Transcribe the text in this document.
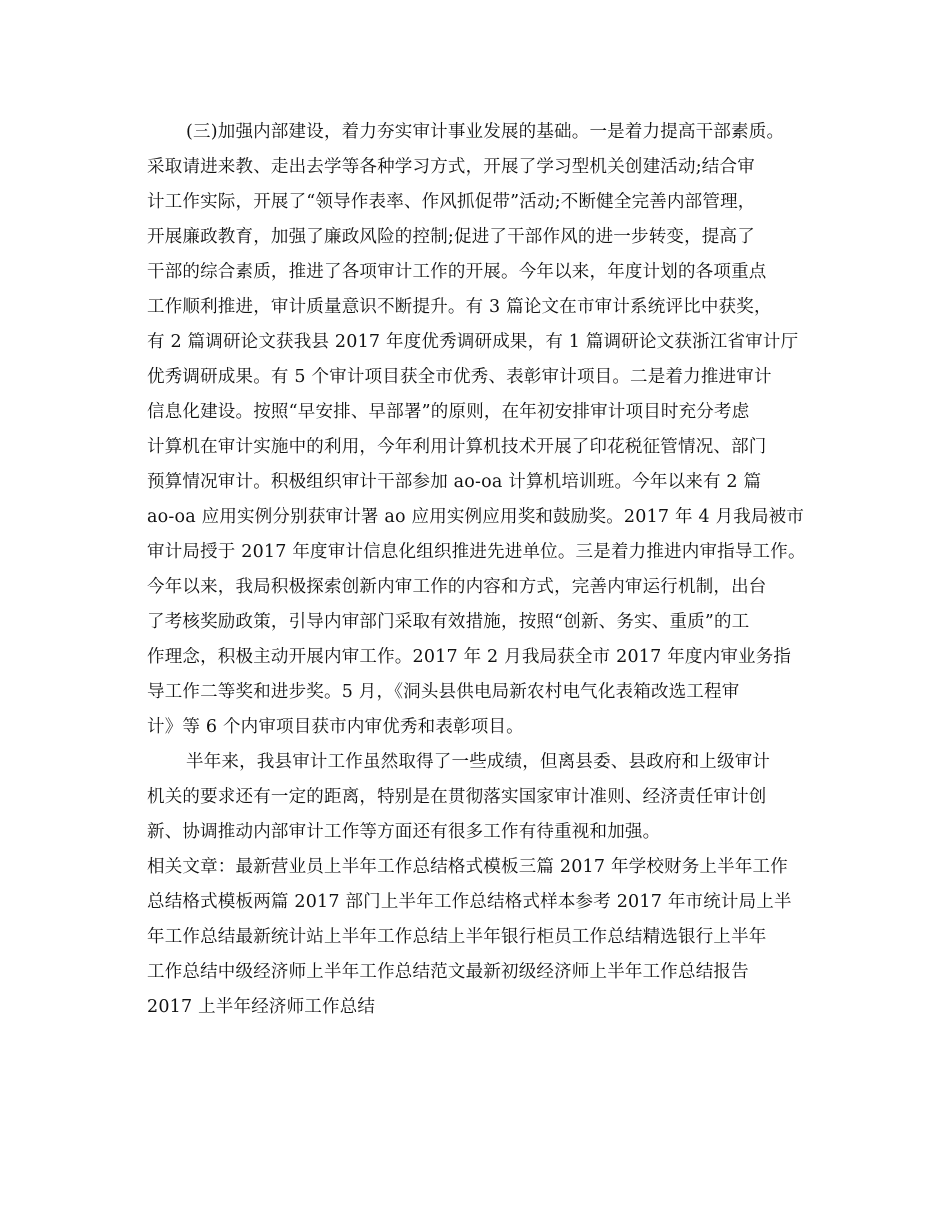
(三)加强内部建设，着力夯实审计事业发展的基础。一是着力提高干部素质。
采取请进来教、走出去学等各种学习方式，开展了学习型机关创建活动;结合审
计工作实际，开展了“领导作表率、作风抓促带”活动;不断健全完善内部管理，
开展廉政教育，加强了廉政风险的控制;促进了干部作风的进一步转变，提高了
干部的综合素质，推进了各项审计工作的开展。今年以来，年度计划的各项重点
工作顺利推进，审计质量意识不断提升。有 3 篇论文在市审计系统评比中获奖，
有 2 篇调研论文获我县 2017 年度优秀调研成果，有 1 篇调研论文获浙江省审计厅
优秀调研成果。有 5 个审计项目获全市优秀、表彰审计项目。二是着力推进审计
信息化建设。按照“早安排、早部署”的原则，在年初安排审计项目时充分考虑
计算机在审计实施中的利用，今年利用计算机技术开展了印花税征管情况、部门
预算情况审计。积极组织审计干部参加 ao-oa 计算机培训班。今年以来有 2 篇
ao-oa 应用实例分别获审计署 ao 应用实例应用奖和鼓励奖。2017 年 4 月我局被市
审计局授于 2017 年度审计信息化组织推进先进单位。三是着力推进内审指导工作。
今年以来，我局积极探索创新内审工作的内容和方式，完善内审运行机制，出台
了考核奖励政策，引导内审部门采取有效措施，按照“创新、务实、重质”的工
作理念，积极主动开展内审工作。2017 年 2 月我局获全市 2017 年度内审业务指
导工作二等奖和进步奖。5 月，《洞头县供电局新农村电气化表箱改选工程审
计》等 6 个内审项目获市内审优秀和表彰项目。
半年来，我县审计工作虽然取得了一些成绩，但离县委、县政府和上级审计
机关的要求还有一定的距离，特别是在贯彻落实国家审计准则、经济责任审计创
新、协调推动内部审计工作等方面还有很多工作有待重视和加强。
相关文章：最新营业员上半年工作总结格式模板三篇 2017 年学校财务上半年工作
总结格式模板两篇 2017 部门上半年工作总结格式样本参考 2017 年市统计局上半
年工作总结最新统计站上半年工作总结上半年银行柜员工作总结精选银行上半年
工作总结中级经济师上半年工作总结范文最新初级经济师上半年工作总结报告
2017 上半年经济师工作总结
